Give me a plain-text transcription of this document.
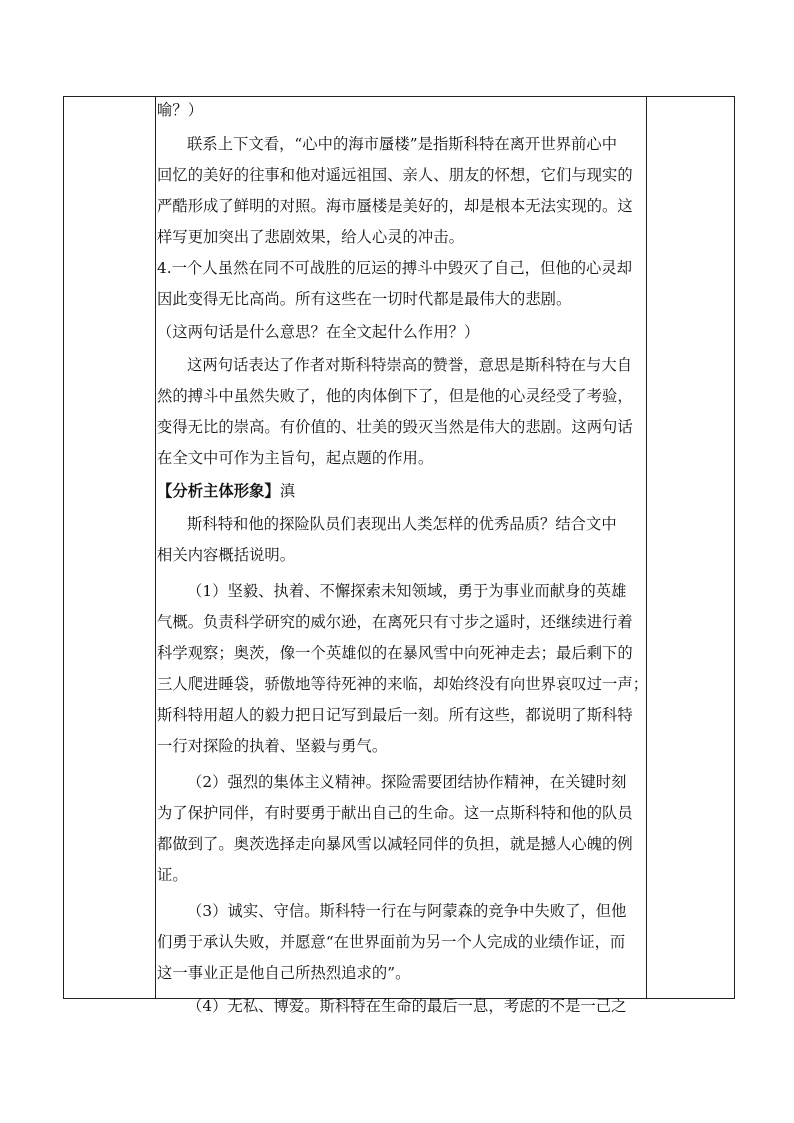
喻？）
联系上下文看，“心中的海市蜃楼”是指斯科特在离开世界前心中
回忆的美好的往事和他对遥远祖国、亲人、朋友的怀想，它们与现实的
严酷形成了鲜明的对照。海市蜃楼是美好的，却是根本无法实现的。这
样写更加突出了悲剧效果，给人心灵的冲击。
4.一个人虽然在同不可战胜的厄运的搏斗中毁灭了自己，但他的心灵却
因此变得无比高尚。所有这些在一切时代都是最伟大的悲剧。
（这两句话是什么意思？在全文起什么作用？）
这两句话表达了作者对斯科特崇高的赞誉，意思是斯科特在与大自
然的搏斗中虽然失败了，他的肉体倒下了，但是他的心灵经受了考验，
变得无比的崇高。有价值的、壮美的毁灭当然是伟大的悲剧。这两句话
在全文中可作为主旨句，起点题的作用。
【分析主体形象】滇
斯科特和他的探险队员们表现出人类怎样的优秀品质？结合文中
相关内容概括说明。
（1）坚毅、执着、不懈探索未知领域，勇于为事业而献身的英雄
气概。负责科学研究的威尔逊，在离死只有寸步之遥时，还继续进行着
科学观察；奥茨，像一个英雄似的在暴风雪中向死神走去；最后剩下的
三人爬进睡袋，骄傲地等待死神的来临，却始终没有向世界哀叹过一声；
斯科特用超人的毅力把日记写到最后一刻。所有这些，都说明了斯科特
一行对探险的执着、坚毅与勇气。
（2）强烈的集体主义精神。探险需要团结协作精神，在关键时刻
为了保护同伴，有时要勇于献出自己的生命。这一点斯科特和他的队员
都做到了。奥茨选择走向暴风雪以减轻同伴的负担，就是撼人心魄的例
证。
（3）诚实、守信。斯科特一行在与阿蒙森的竞争中失败了，但他
们勇于承认失败，并愿意“在世界面前为另一个人完成的业绩作证，而
这一事业正是他自己所热烈追求的”。
（4）无私、博爱。斯科特在生命的最后一息，考虑的不是一己之
